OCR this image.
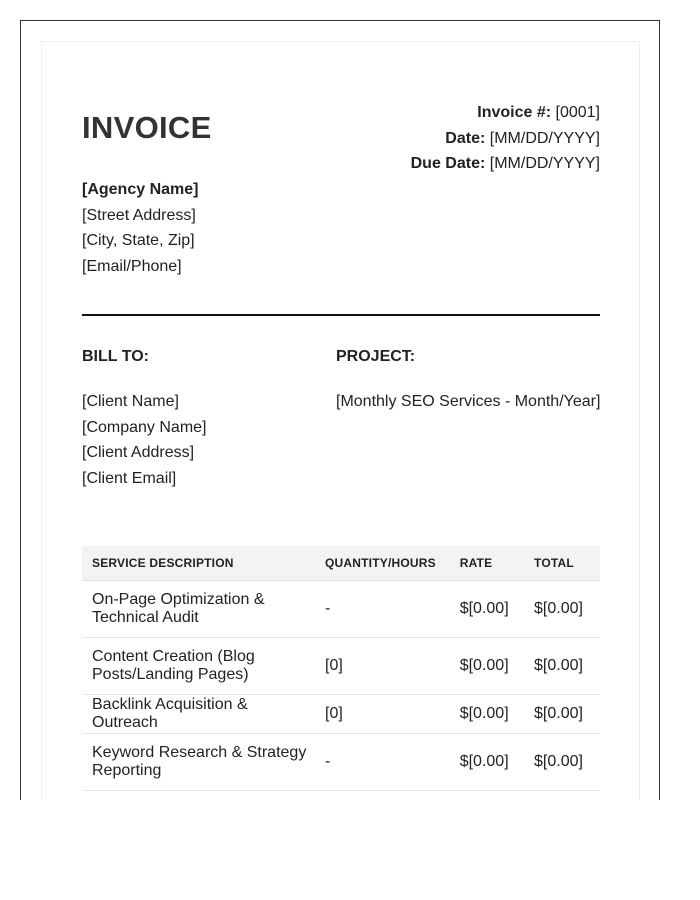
INVOICE	Invoice #: [0001]
Date: [MM/DD/YYYY]
Due Date: [MM/DD/YYYY]
[Agency Name]
[Street Address]
[City, State, Zip]
[Email/Phone]
BILL TO:	PROJECT:
[Client Name]
[Company Name]
[Client Address]
[Client Email]
[Monthly SEO Services - Month/Year]
SERVICE DESCRIPTION	QUANTITY/HOURS	RATE	TOTAL
On-Page Optimization & Technical Audit	-	$[0.00]	$[0.00]
Content Creation (Blog Posts/Landing Pages)	[0]	$[0.00]	$[0.00]
Backlink Acquisition & Outreach	[0]	$[0.00]	$[0.00]
Keyword Research & Strategy Reporting	-	$[0.00]	$[0.00]
